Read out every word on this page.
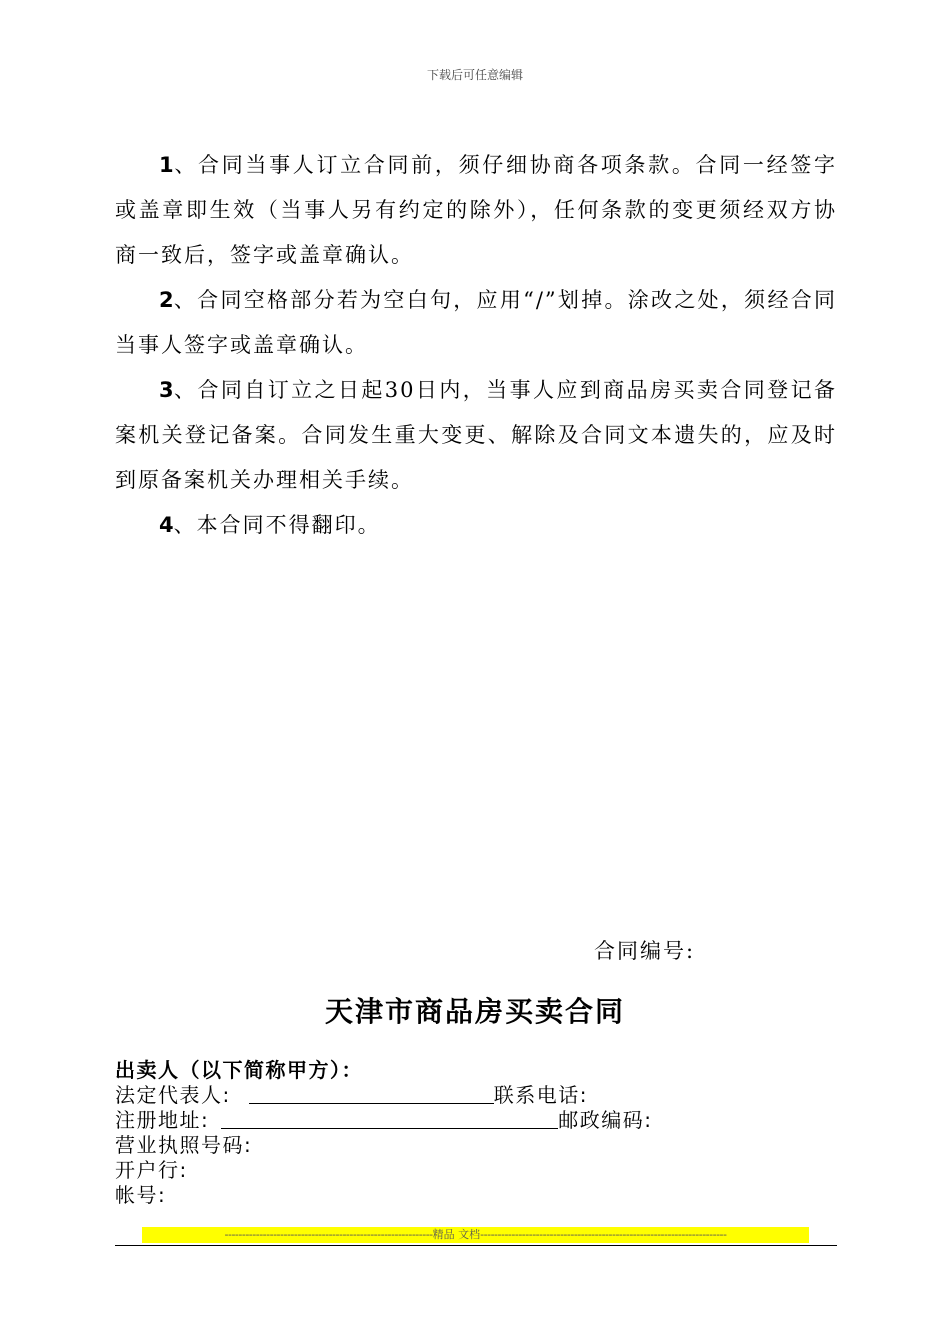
下载后可任意编辑

1、合同当事人订立合同前，须仔细协商各项条款。合同一经签字或盖章即生效（当事人另有约定的除外），任何条款的变更须经双方协商一致后，签字或盖章确认。

2、合同空格部分若为空白句，应用“/”划掉。涂改之处，须经合同当事人签字或盖章确认。

3、合同自订立之日起30日内，当事人应到商品房买卖合同登记备案机关登记备案。合同发生重大变更、解除及合同文本遗失的，应及时到原备案机关办理相关手续。

4、本合同不得翻印。

合同编号:
天津市商品房买卖合同
出卖人（以下简称甲方）：
法定代表人:	联系电话:
注册地址:	邮政编码:
营业执照号码:
开户行:
帐号:
------------------------------------------------------------精品 文档-----------------------------------------------------------------------
